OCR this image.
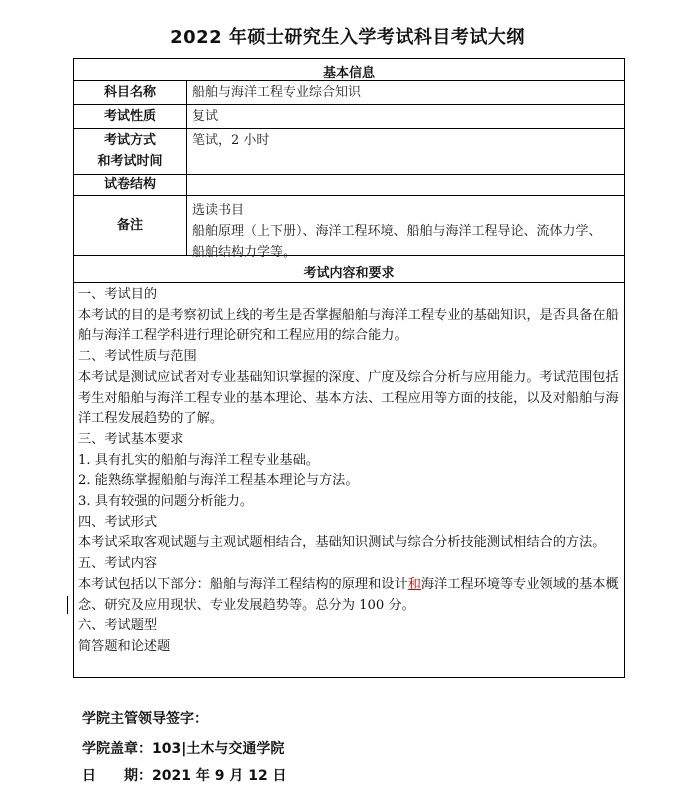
2022 年硕士研究生入学考试科目考试大纲
基本信息
科目名称	船舶与海洋工程专业综合知识
考试性质	复试
考试方式
和考试时间
笔试，2 小时
试卷结构
备注
选读书目
船舶原理（上下册）、海洋工程环境、船舶与海洋工程导论、流体力学、
船舶结构力学等。
考试内容和要求

一、考试目的

本考试的目的是考察初试上线的考生是否掌握船舶与海洋工程专业的基础知识，是否具备在船舶与海洋工程学科进行理论研究和工程应用的综合能力。

二、考试性质与范围

本考试是测试应试者对专业基础知识掌握的深度、广度及综合分析与应用能力。考试范围包括考生对船舶与海洋工程专业的基本理论、基本方法、工程应用等方面的技能，以及对船舶与海洋工程发展趋势的了解。

三、考试基本要求

1. 具有扎实的船舶与海洋工程专业基础。

2. 能熟练掌握船舶与海洋工程基本理论与方法。

3. 具有较强的问题分析能力。

四、考试形式

本考试采取客观试题与主观试题相结合，基础知识测试与综合分析技能测试相结合的方法。

五、考试内容

本考试包括以下部分：船舶与海洋工程结构的原理和设计和海洋工程环境等专业领域的基本概念、研究及应用现状、专业发展趋势等。总分为 100 分。

六、考试题型

简答题和论述题

学院主管领导签字：
学院盖章：103|土木与交通学院
日　　期：2021 年 9 月 12 日
